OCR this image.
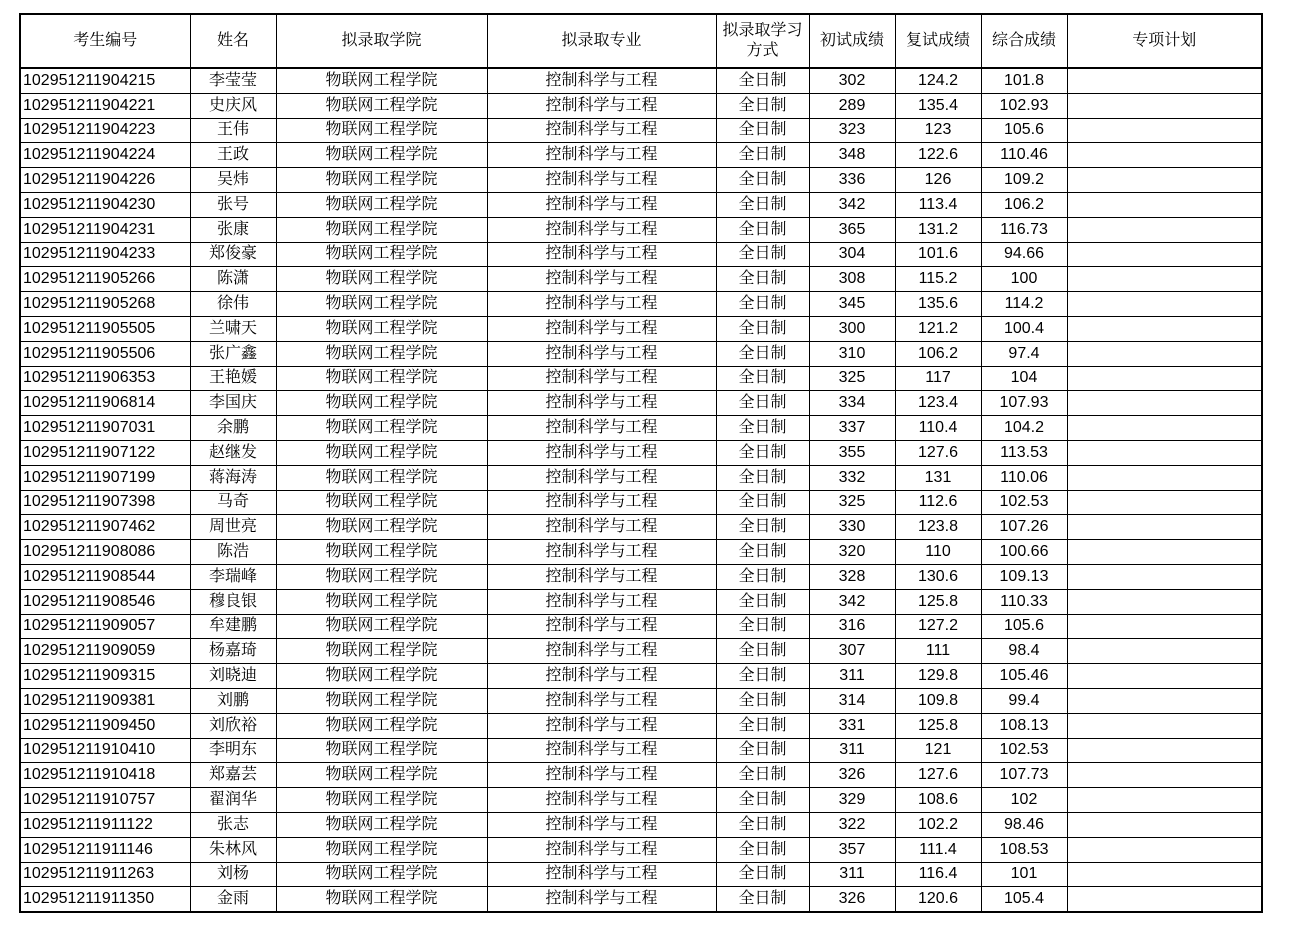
考生编号	姓名	拟录取学院	拟录取专业	拟录取学习方式	初试成绩	复试成绩	综合成绩	专项计划
102951211904215	李莹莹	物联网工程学院	控制科学与工程	全日制	302	124.2	101.8	
102951211904221	史庆风	物联网工程学院	控制科学与工程	全日制	289	135.4	102.93	
102951211904223	王伟	物联网工程学院	控制科学与工程	全日制	323	123	105.6	
102951211904224	王政	物联网工程学院	控制科学与工程	全日制	348	122.6	110.46	
102951211904226	吴炜	物联网工程学院	控制科学与工程	全日制	336	126	109.2	
102951211904230	张号	物联网工程学院	控制科学与工程	全日制	342	113.4	106.2	
102951211904231	张康	物联网工程学院	控制科学与工程	全日制	365	131.2	116.73	
102951211904233	郑俊豪	物联网工程学院	控制科学与工程	全日制	304	101.6	94.66	
102951211905266	陈潇	物联网工程学院	控制科学与工程	全日制	308	115.2	100	
102951211905268	徐伟	物联网工程学院	控制科学与工程	全日制	345	135.6	114.2	
102951211905505	兰啸天	物联网工程学院	控制科学与工程	全日制	300	121.2	100.4	
102951211905506	张广鑫	物联网工程学院	控制科学与工程	全日制	310	106.2	97.4	
102951211906353	王艳媛	物联网工程学院	控制科学与工程	全日制	325	117	104	
102951211906814	李国庆	物联网工程学院	控制科学与工程	全日制	334	123.4	107.93	
102951211907031	余鹏	物联网工程学院	控制科学与工程	全日制	337	110.4	104.2	
102951211907122	赵继发	物联网工程学院	控制科学与工程	全日制	355	127.6	113.53	
102951211907199	蒋海涛	物联网工程学院	控制科学与工程	全日制	332	131	110.06	
102951211907398	马奇	物联网工程学院	控制科学与工程	全日制	325	112.6	102.53	
102951211907462	周世亮	物联网工程学院	控制科学与工程	全日制	330	123.8	107.26	
102951211908086	陈浩	物联网工程学院	控制科学与工程	全日制	320	110	100.66	
102951211908544	李瑞峰	物联网工程学院	控制科学与工程	全日制	328	130.6	109.13	
102951211908546	穆良银	物联网工程学院	控制科学与工程	全日制	342	125.8	110.33	
102951211909057	牟建鹏	物联网工程学院	控制科学与工程	全日制	316	127.2	105.6	
102951211909059	杨嘉琦	物联网工程学院	控制科学与工程	全日制	307	111	98.4	
102951211909315	刘晓迪	物联网工程学院	控制科学与工程	全日制	311	129.8	105.46	
102951211909381	刘鹏	物联网工程学院	控制科学与工程	全日制	314	109.8	99.4	
102951211909450	刘欣裕	物联网工程学院	控制科学与工程	全日制	331	125.8	108.13	
102951211910410	李明东	物联网工程学院	控制科学与工程	全日制	311	121	102.53	
102951211910418	郑嘉芸	物联网工程学院	控制科学与工程	全日制	326	127.6	107.73	
102951211910757	翟润华	物联网工程学院	控制科学与工程	全日制	329	108.6	102	
102951211911122	张志	物联网工程学院	控制科学与工程	全日制	322	102.2	98.46	
102951211911146	朱林风	物联网工程学院	控制科学与工程	全日制	357	111.4	108.53	
102951211911263	刘杨	物联网工程学院	控制科学与工程	全日制	311	116.4	101	
102951211911350	金雨	物联网工程学院	控制科学与工程	全日制	326	120.6	105.4	
